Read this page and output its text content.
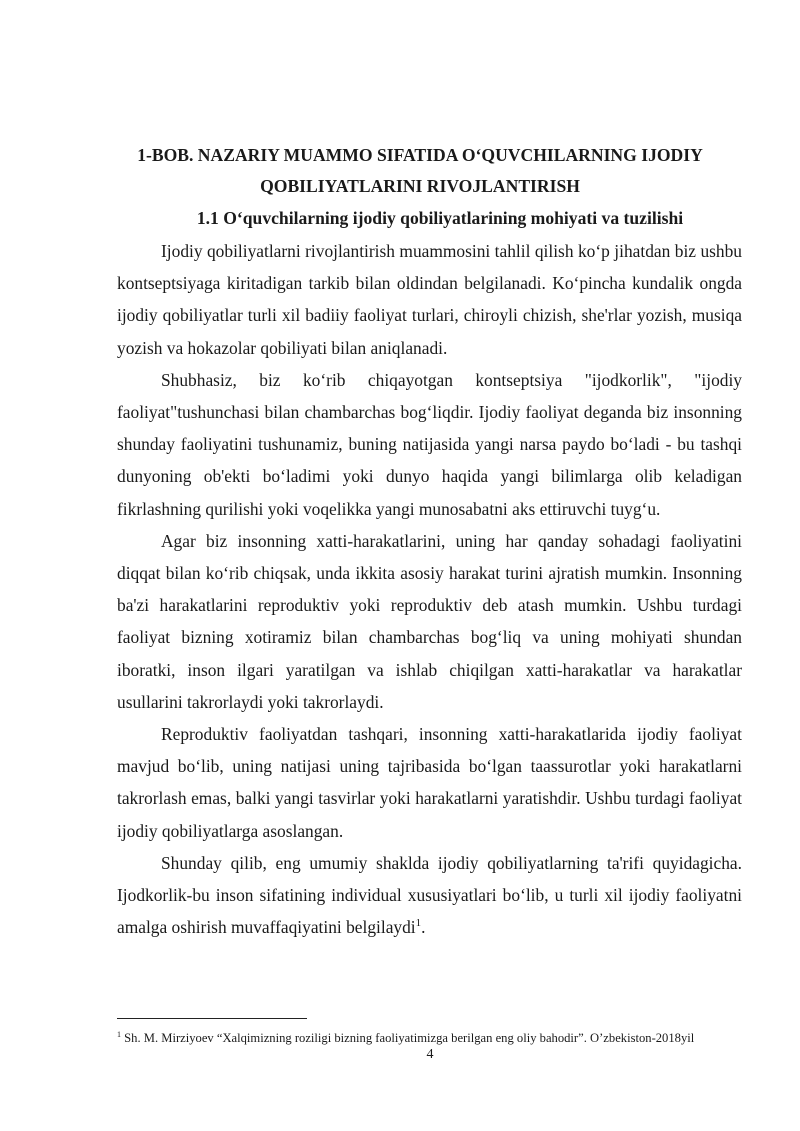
1-BOB. NAZARIY MUAMMO SIFATIDA O‘QUVCHILARNING IJODIY QOBILIYATLARINI RIVOJLANTIRISH
1.1 O‘quvchilarning ijodiy qobiliyatlarining mohiyati va tuzilishi

Ijodiy qobiliyatlarni rivojlantirish muammosini tahlil qilish ko‘p jihatdan biz ushbu kontseptsiyaga kiritadigan tarkib bilan oldindan belgilanadi. Ko‘pincha kundalik ongda ijodiy qobiliyatlar turli xil badiiy faoliyat turlari, chiroyli chizish, she'rlar yozish, musiqa yozish va hokazolar qobiliyati bilan aniqlanadi.

Shubhasiz, biz ko‘rib chiqayotgan kontseptsiya "ijodkorlik", "ijodiy faoliyat"tushunchasi bilan chambarchas bog‘liqdir. Ijodiy faoliyat deganda biz insonning shunday faoliyatini tushunamiz, buning natijasida yangi narsa paydo bo‘ladi - bu tashqi dunyoning ob'ekti bo‘ladimi yoki dunyo haqida yangi bilimlarga olib keladigan fikrlashning qurilishi yoki voqelikka yangi munosabatni aks ettiruvchi tuyg‘u.

Agar biz insonning xatti-harakatlarini, uning har qanday sohadagi faoliyatini diqqat bilan ko‘rib chiqsak, unda ikkita asosiy harakat turini ajratish mumkin. Insonning ba'zi harakatlarini reproduktiv yoki reproduktiv deb atash mumkin. Ushbu turdagi faoliyat bizning xotiramiz bilan chambarchas bog‘liq va uning mohiyati shundan iboratki, inson ilgari yaratilgan va ishlab chiqilgan xatti-harakatlar va harakatlar usullarini takrorlaydi yoki takrorlaydi.

Reproduktiv faoliyatdan tashqari, insonning xatti-harakatlarida ijodiy faoliyat mavjud bo‘lib, uning natijasi uning tajribasida bo‘lgan taassurotlar yoki harakatlarni takrorlash emas, balki yangi tasvirlar yoki harakatlarni yaratishdir. Ushbu turdagi faoliyat ijodiy qobiliyatlarga asoslangan.

Shunday qilib, eng umumiy shaklda ijodiy qobiliyatlarning ta'rifi quyidagicha. Ijodkorlik-bu inson sifatining individual xususiyatlari bo‘lib, u turli xil ijodiy faoliyatni amalga oshirish muvaffaqiyatini belgilaydi$^1$.

$^1$ Sh. M. Mirziyoev “Xalqimizning roziligi bizning faoliyatimizga berilgan eng oliy bahodir”. O’zbekiston-2018yil

4
